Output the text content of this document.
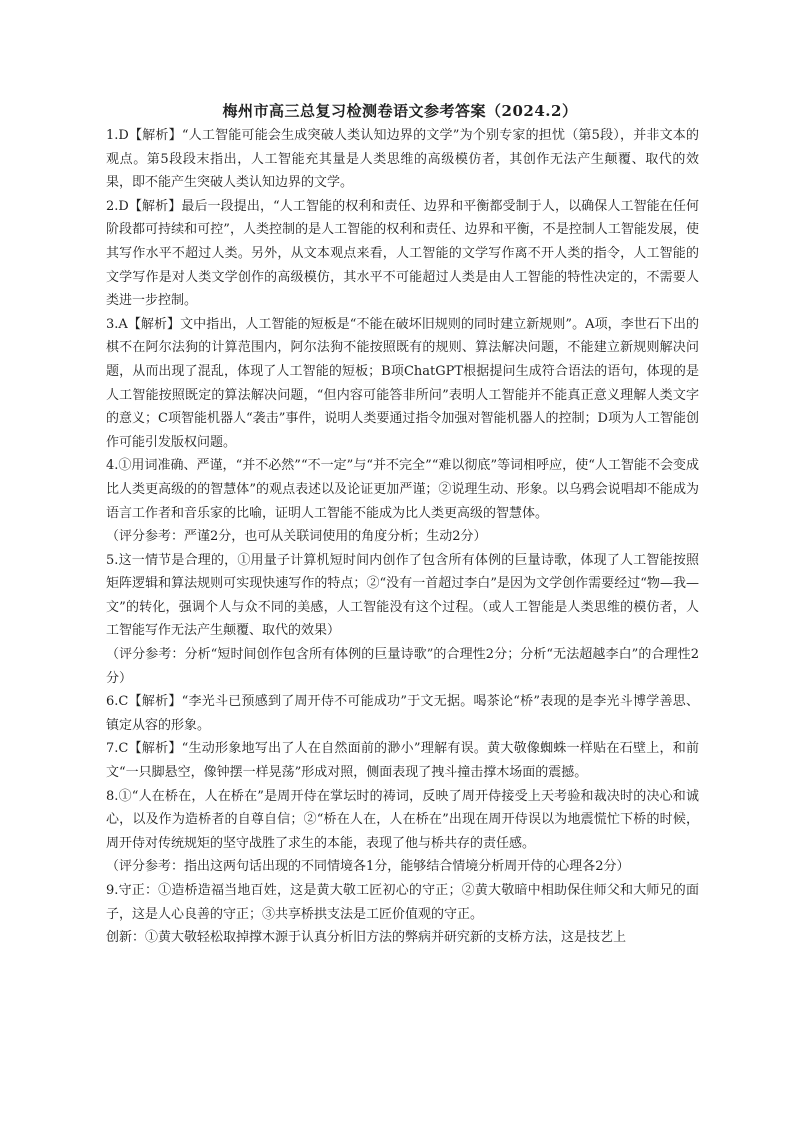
梅州市高三总复习检测卷语文参考答案（2024.2）

1.D【解析】“人工智能可能会生成突破人类认知边界的文学”为个别专家的担忧（第5段），并非文本的观点。第5段段末指出，人工智能充其量是人类思维的高级模仿者，其创作无法产生颠覆、取代的效果，即不能产生突破人类认知边界的文学。

2.D【解析】最后一段提出，“人工智能的权利和责任、边界和平衡都受制于人，以确保人工智能在任何阶段都可持续和可控”，人类控制的是人工智能的权利和责任、边界和平衡，不是控制人工智能发展，使其写作水平不超过人类。另外，从文本观点来看，人工智能的文学写作离不开人类的指令，人工智能的文学写作是对人类文学创作的高级模仿，其水平不可能超过人类是由人工智能的特性决定的，不需要人类进一步控制。

3.A【解析】文中指出，人工智能的短板是“不能在破坏旧规则的同时建立新规则”。A项，李世石下出的棋不在阿尔法狗的计算范围内，阿尔法狗不能按照既有的规则、算法解决问题，不能建立新规则解决问题，从而出现了混乱，体现了人工智能的短板；B项ChatGPT根据提问生成符合语法的语句，体现的是人工智能按照既定的算法解决问题，“但内容可能答非所问”表明人工智能并不能真正意义理解人类文字的意义；C项智能机器人“袭击”事件，说明人类要通过指令加强对智能机器人的控制；D项为人工智能创作可能引发版权问题。

4.①用词准确、严谨，“并不必然”“不一定”与“并不完全”“难以彻底”等词相呼应，使“人工智能不会变成比人类更高级的的智慧体”的观点表述以及论证更加严谨；②说理生动、形象。以乌鸦会说唱却不能成为语言工作者和音乐家的比喻，证明人工智能不能成为比人类更高级的智慧体。

（评分参考：严谨2分，也可从关联词使用的角度分析；生动2分）

5.这一情节是合理的，①用量子计算机短时间内创作了包含所有体例的巨量诗歌，体现了人工智能按照矩阵逻辑和算法规则可实现快速写作的特点；②“没有一首超过李白”是因为文学创作需要经过“物—我—文”的转化，强调个人与众不同的美感，人工智能没有这个过程。（或人工智能是人类思维的模仿者，人工智能写作无法产生颠覆、取代的效果）

（评分参考：分析“短时间创作包含所有体例的巨量诗歌”的合理性2分；分析“无法超越李白”的合理性2分）

6.C【解析】“李光斗已预感到了周开侍不可能成功”于文无据。喝茶论“桥”表现的是李光斗博学善思、镇定从容的形象。

7.C【解析】“生动形象地写出了人在自然面前的渺小”理解有误。黄大敬像蜘蛛一样贴在石壁上，和前文“一只脚悬空，像钟摆一样晃荡”形成对照，侧面表现了拽斗撞击撑木场面的震撼。

8.①“人在桥在，人在桥在”是周开侍在掌坛时的祷词，反映了周开侍接受上天考验和裁决时的决心和诚心，以及作为造桥者的自尊自信；②“桥在人在，人在桥在”出现在周开侍误以为地震慌忙下桥的时候，周开侍对传统规矩的坚守战胜了求生的本能，表现了他与桥共存的责任感。

（评分参考：指出这两句话出现的不同情境各1分，能够结合情境分析周开侍的心理各2分）

9.守正：①造桥造福当地百姓，这是黄大敬工匠初心的守正；②黄大敬暗中相助保住师父和大师兄的面子，这是人心良善的守正；③共享桥拱支法是工匠价值观的守正。

创新：①黄大敬轻松取掉撑木源于认真分析旧方法的弊病并研究新的支桥方法，这是技艺上
